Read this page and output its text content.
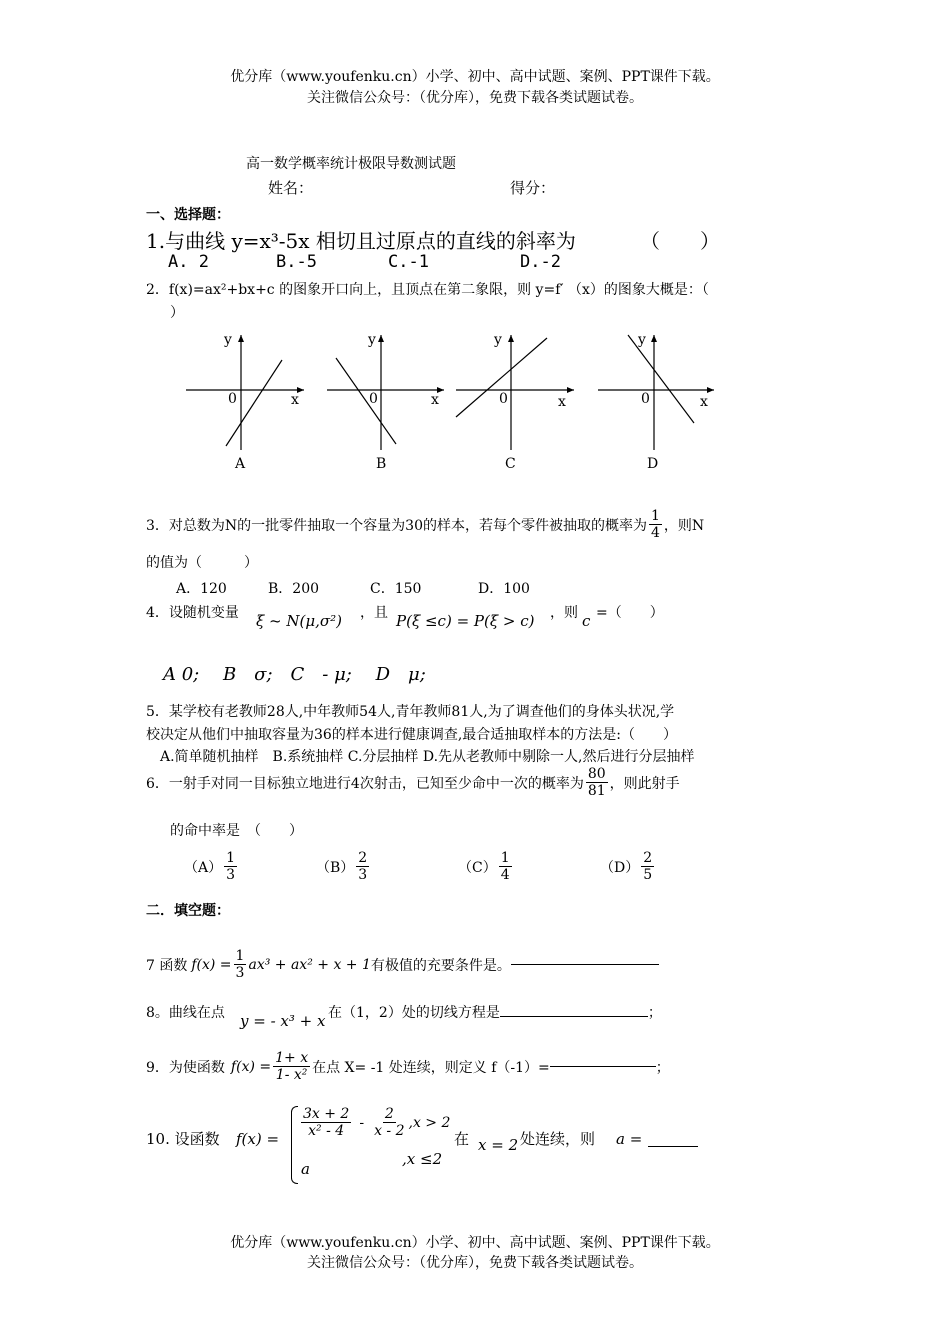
优分库（www.youfenku.cn）小学、初中、高中试题、案例、PPT课件下载。
关注微信公众号：（优分库），免费下载各类试题试卷。
高一数学概率统计极限导数测试题
姓名：	得分：
一、选择题：
1.与曲线 y=x³-5x 相切且过原点的直线的斜率为	（　　）
A. 2	B.-5	C.-1	D.-2
2．f(x)=ax²+bx+c 的图象开口向上，且顶点在第二象限，则 y=f′ （x）的图象大概是：（
）
y
x
0
A
y
x
0
B
y
x
0
C
y
x
0
D
3．对总数为N的一批零件抽取一个容量为30的样本，若每个零件被抽取的概率为 $\frac{1}{4}$ ，则N
的值为（　　　）
A．120	B．200	C．150	D．100
4．设随机变量 ξ ~ N(μ,σ²) ，且 P(ξ ≤c) = P(ξ > c) ，则 c =（　　）
A 0;　 B　σ;　C　- μ;　 D　μ;
5．某学校有老教师28人,中年教师54人,青年教师81人,为了调查他们的身体头状况,学
校决定从他们中抽取容量为36的样本进行健康调查,最合适抽取样本的方法是:（　　）
A.简单随机抽样　B.系统抽样 C.分层抽样 D.先从老教师中剔除一人,然后进行分层抽样
6．一射手对同一目标独立地进行4次射击，已知至少命中一次的概率为 $\frac{80}{81}$ ，则此射手
的命中率是　（　　）
$(A) \frac{1}{3}$	$(B) \frac{2}{3}$	$(C) \frac{1}{4}$	$(D) \frac{2}{5}$
二．填空题：
7 函数 $f(x) = \frac{1}{3} ax^3 + ax^2 + x + 1$ 有极值的充要条件是。
8。曲线在点 y = - x³ + x 在（1，2）处的切线方程是	；
9．为使函数 $f(x) = \frac{1+ x}{\text{1- x²}}$ 在点 X= -1 处连续，则定义 f（-1）=	；
10. 设函数 $f(x) = \frac{3x + 2}{\text{x² - 4}} - \frac{2}{x - 2} ,x > 2$
a
,x ≤2
在 x = 2 处连续，则 a =
优分库（www.youfenku.cn）小学、初中、高中试题、案例、PPT课件下载。
关注微信公众号：（优分库），免费下载各类试题试卷。
